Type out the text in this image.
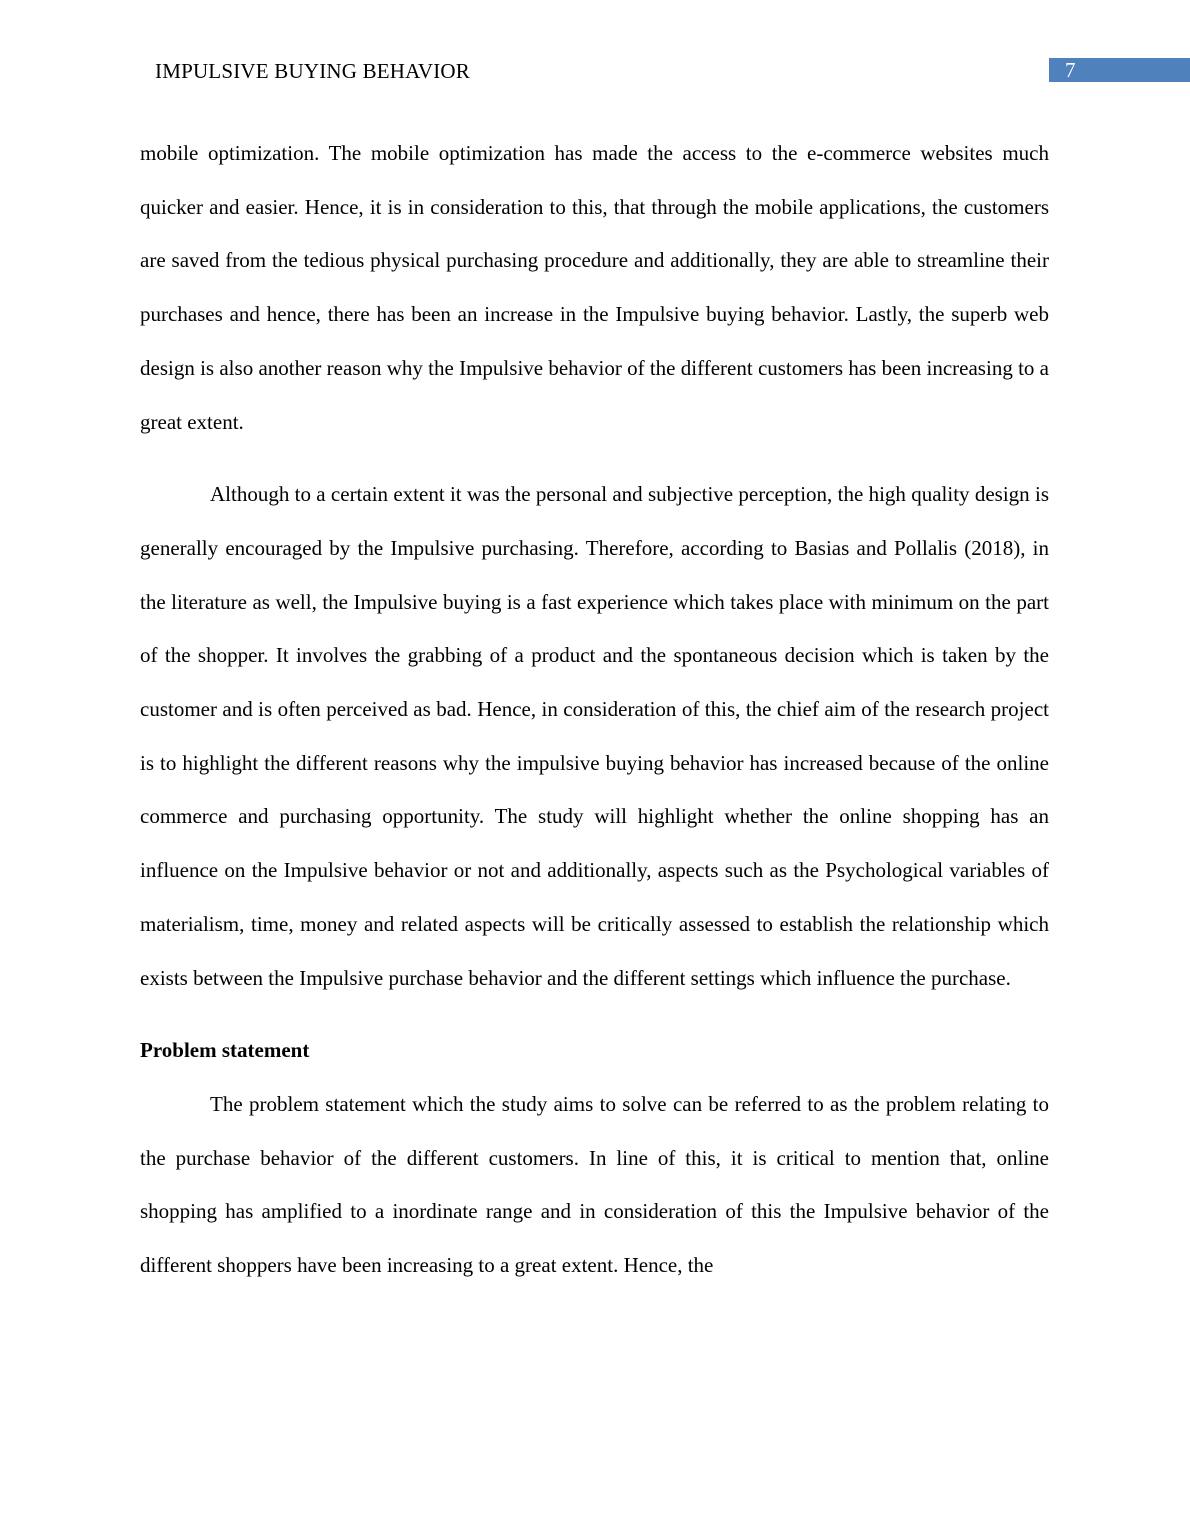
IMPULSIVE BUYING BEHAVIOR	7

mobile optimization. The mobile optimization has made the access to the e-commerce websites much quicker and easier. Hence, it is in consideration to this, that through the mobile applications, the customers are saved from the tedious physical purchasing procedure and additionally, they are able to streamline their purchases and hence, there has been an increase in the Impulsive buying behavior. Lastly, the superb web design is also another reason why the Impulsive behavior of the different customers has been increasing to a great extent.

Although to a certain extent it was the personal and subjective perception, the high quality design is generally encouraged by the Impulsive purchasing. Therefore, according to Basias and Pollalis (2018), in the literature as well, the Impulsive buying is a fast experience which takes place with minimum on the part of the shopper. It involves the grabbing of a product and the spontaneous decision which is taken by the customer and is often perceived as bad. Hence, in consideration of this, the chief aim of the research project is to highlight the different reasons why the impulsive buying behavior has increased because of the online commerce and purchasing opportunity. The study will highlight whether the online shopping has an influence on the Impulsive behavior or not and additionally, aspects such as the Psychological variables of materialism, time, money and related aspects will be critically assessed to establish the relationship which exists between the Impulsive purchase behavior and the different settings which influence the purchase.

Problem statement

The problem statement which the study aims to solve can be referred to as the problem relating to the purchase behavior of the different customers. In line of this, it is critical to mention that, online shopping has amplified to a inordinate range and in consideration of this the Impulsive behavior of the different shoppers have been increasing to a great extent. Hence, the
